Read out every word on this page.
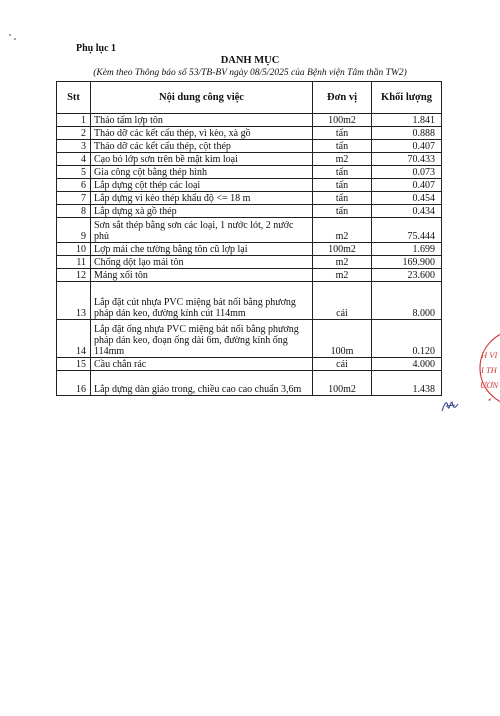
Phụ lục 1
DANH MỤC
(Kèm theo Thông báo số 53/TB-BV ngày 08/5/2025 của Bệnh viện Tâm thần TW2)
Stt	Nội dung công việc	Đơn vị	Khối lượng
1	Tháo tấm lợp tôn	100m2	1.841
2	Tháo dỡ các kết cấu thép, vì kèo, xà gồ	tấn	0.888
3	Tháo dỡ các kết cấu thép, cột thép	tấn	0.407
4	Cạo bỏ lớp sơn trên bề mặt kim loại	m2	70.433
5	Gia công cột bằng thép hình	tấn	0.073
6	Lắp dựng cột thép các loại	tấn	0.407
7	Lắp dựng vì kèo thép khẩu độ <= 18 m	tấn	0.454
8	Lắp dựng xà gồ thép	tấn	0.434
9	Sơn sắt thép bằng sơn các loại, 1 nước lót, 2 nước phủ	m2	75.444
10	Lợp mái che tường bằng tôn cũ lợp lại	100m2	1.699
11	Chống dột lạo mái tôn	m2	169.900
12	Máng xối tôn	m2	23.600
13	Lắp đặt cút nhựa PVC miệng bát nối bằng phương pháp dán keo, đường kính cút 114mm	cái	8.000
14	Lắp đặt ống nhựa PVC miệng bát nối bằng phương pháp dán keo, đoạn ống dài 6m, đường kính ống 114mm	100m	0.120
15	Cầu chắn rác	cái	4.000
16	Lắp dựng dàn giáo trong, chiều cao cao chuẩn 3,6m	100m2	1.438
H VI
I TH
ƯƠN
